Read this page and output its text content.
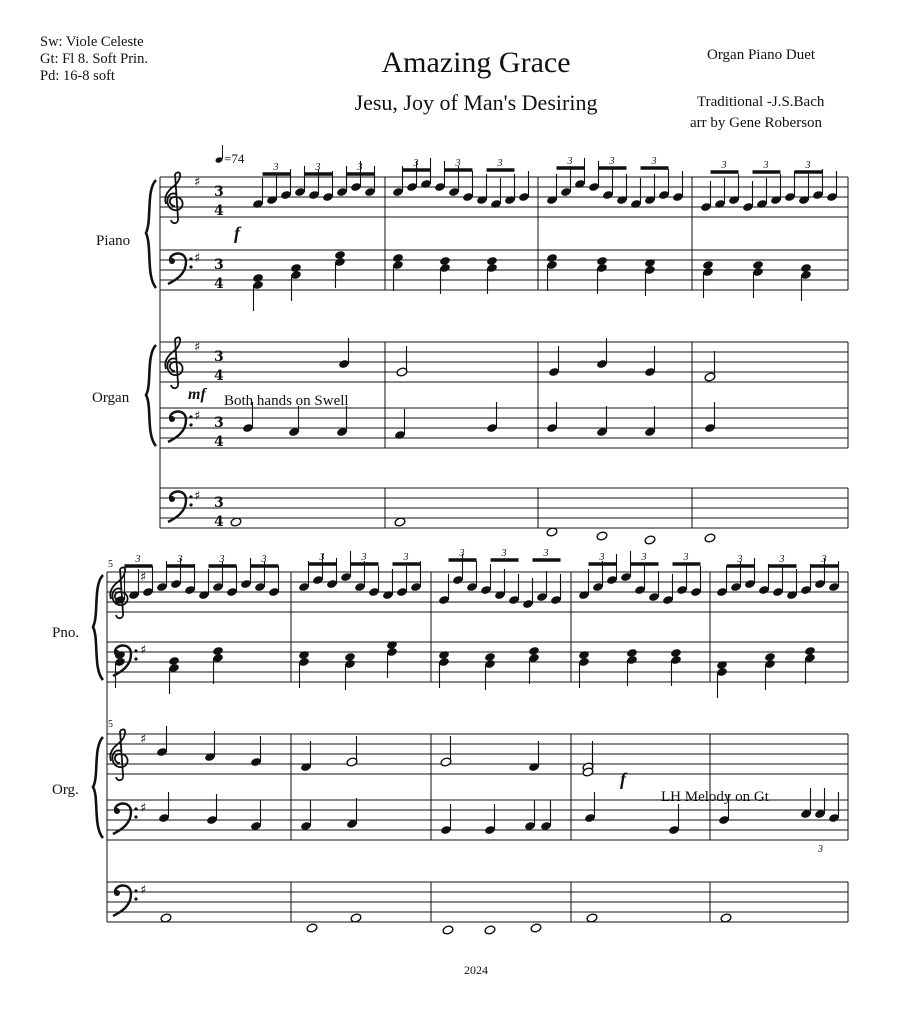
Sw: Viole Celeste
Gt: Fl 8. Soft Prin.
Pd: 16-8 soft	Amazing Grace
Jesu, Joy of Man's Desiring
Organ Piano Duet
Traditional -J.S.Bach
arr by Gene Roberson
♯
♯
♯
♯
♯
3
4
3
4
3
4
3
4
3
4
=74
Piano
Organ
f
mf Both hands on Swell
♯
♯
♯
♯
♯
5
5
Pno.
Org.
f
LH Melody on Gt
3	3	3	3	3	3	3	3	3	3	3	3
3	3	3	3	3	3	3	3	3	3	3	3	3	3	3	3
3
2024
